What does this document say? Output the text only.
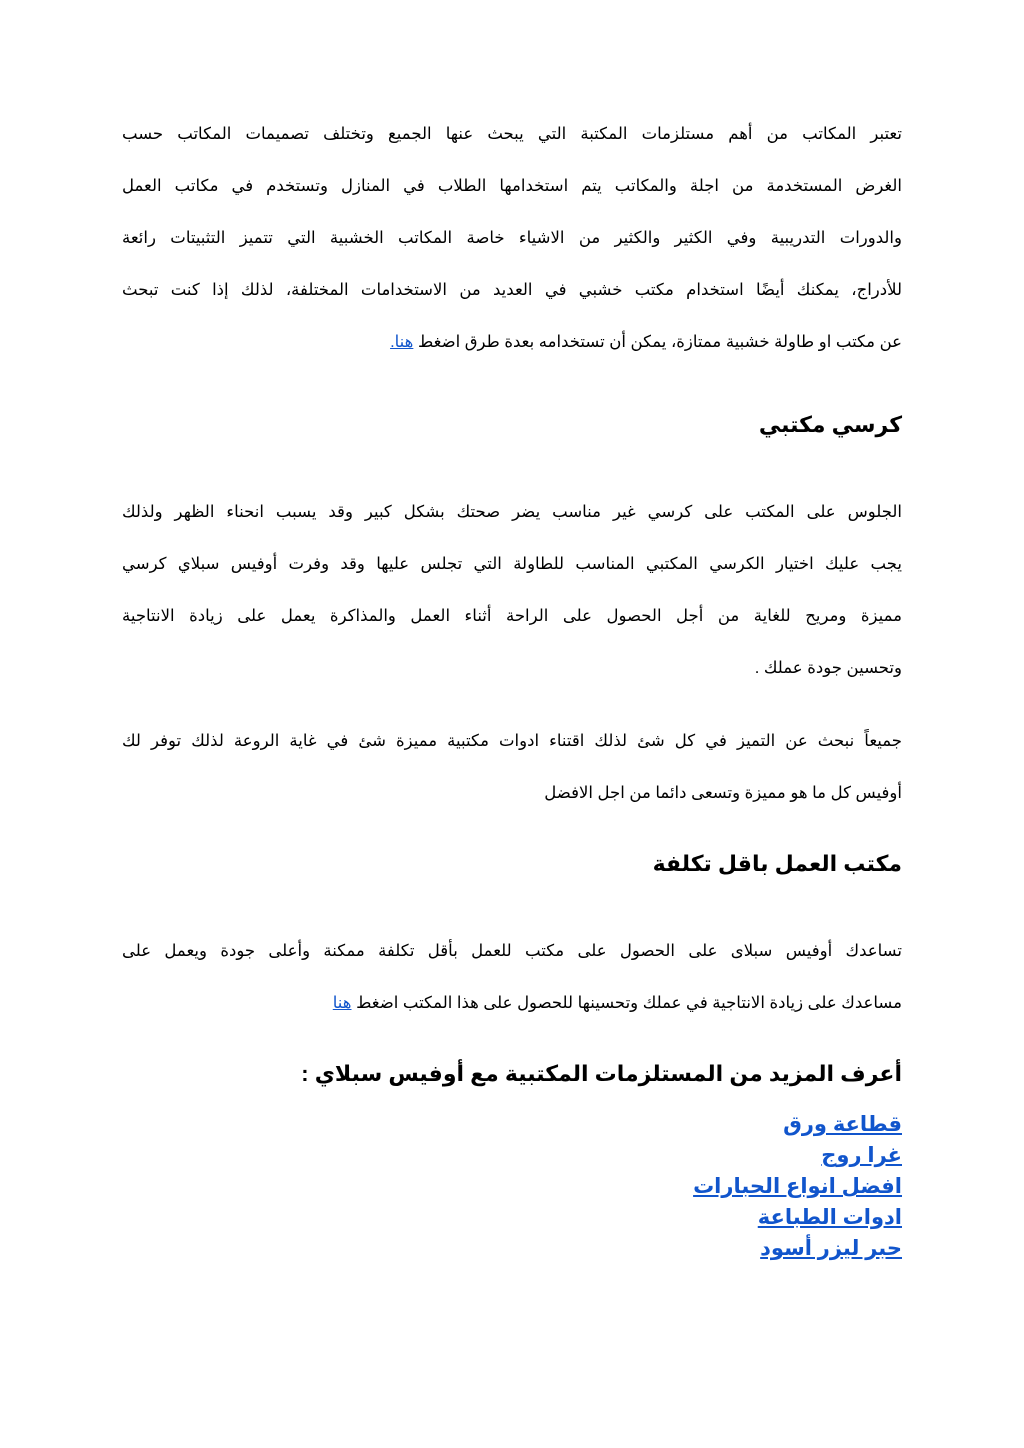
تعتبر المكاتب من أهم مستلزمات المكتبة التي يبحث عنها الجميع وتختلف تصميمات المكاتب حسب
الغرض المستخدمة من اجلة والمكاتب يتم استخدامها الطلاب في المنازل وتستخدم في مكاتب العمل
والدورات التدريبية وفي الكثير والكثير من الاشياء خاصة المكاتب الخشبية التي تتميز التثبيتات رائعة
للأدراج، يمكنك أيضًا استخدام مكتب خشبي في العديد من الاستخدامات المختلفة، لذلك إذا كنت تبحث
عن مكتب او طاولة خشبية ممتازة، يمكن أن تستخدامه بعدة طرق اضغط هنا.

كرسي مكتبي

الجلوس على المكتب على كرسي غير مناسب يضر صحتك بشكل كبير وقد يسبب انحناء الظهر ولذلك
يجب عليك اختيار الكرسي المكتبي المناسب للطاولة التي تجلس عليها وقد وفرت أوفيس سبلاي كرسي
مميزة ومريح للغاية من أجل الحصول على الراحة أثناء العمل والمذاكرة يعمل على زيادة الانتاجية
وتحسين جودة عملك .

جميعاً نبحث عن التميز في كل شئ لذلك اقتناء ادوات مكتبية مميزة شئ في غاية الروعة لذلك توفر لك
أوفيس كل ما هو مميزة وتسعى دائما من اجل الافضل

مكتب العمل باقل تكلفة

تساعدك أوفيس سبلاى على الحصول على مكتب للعمل بأقل تكلفة ممكنة وأعلى جودة ويعمل على
مساعدك على زيادة الانتاجية في عملك وتحسينها للحصول على هذا المكتب اضغط هنا

أعرف المزيد من المستلزمات المكتبية مع أوفيس سبلاي :
قطاعة ورق
غرا روج
افضل انواع الحبارات
ادوات الطباعة
حبر ليزر أسود
